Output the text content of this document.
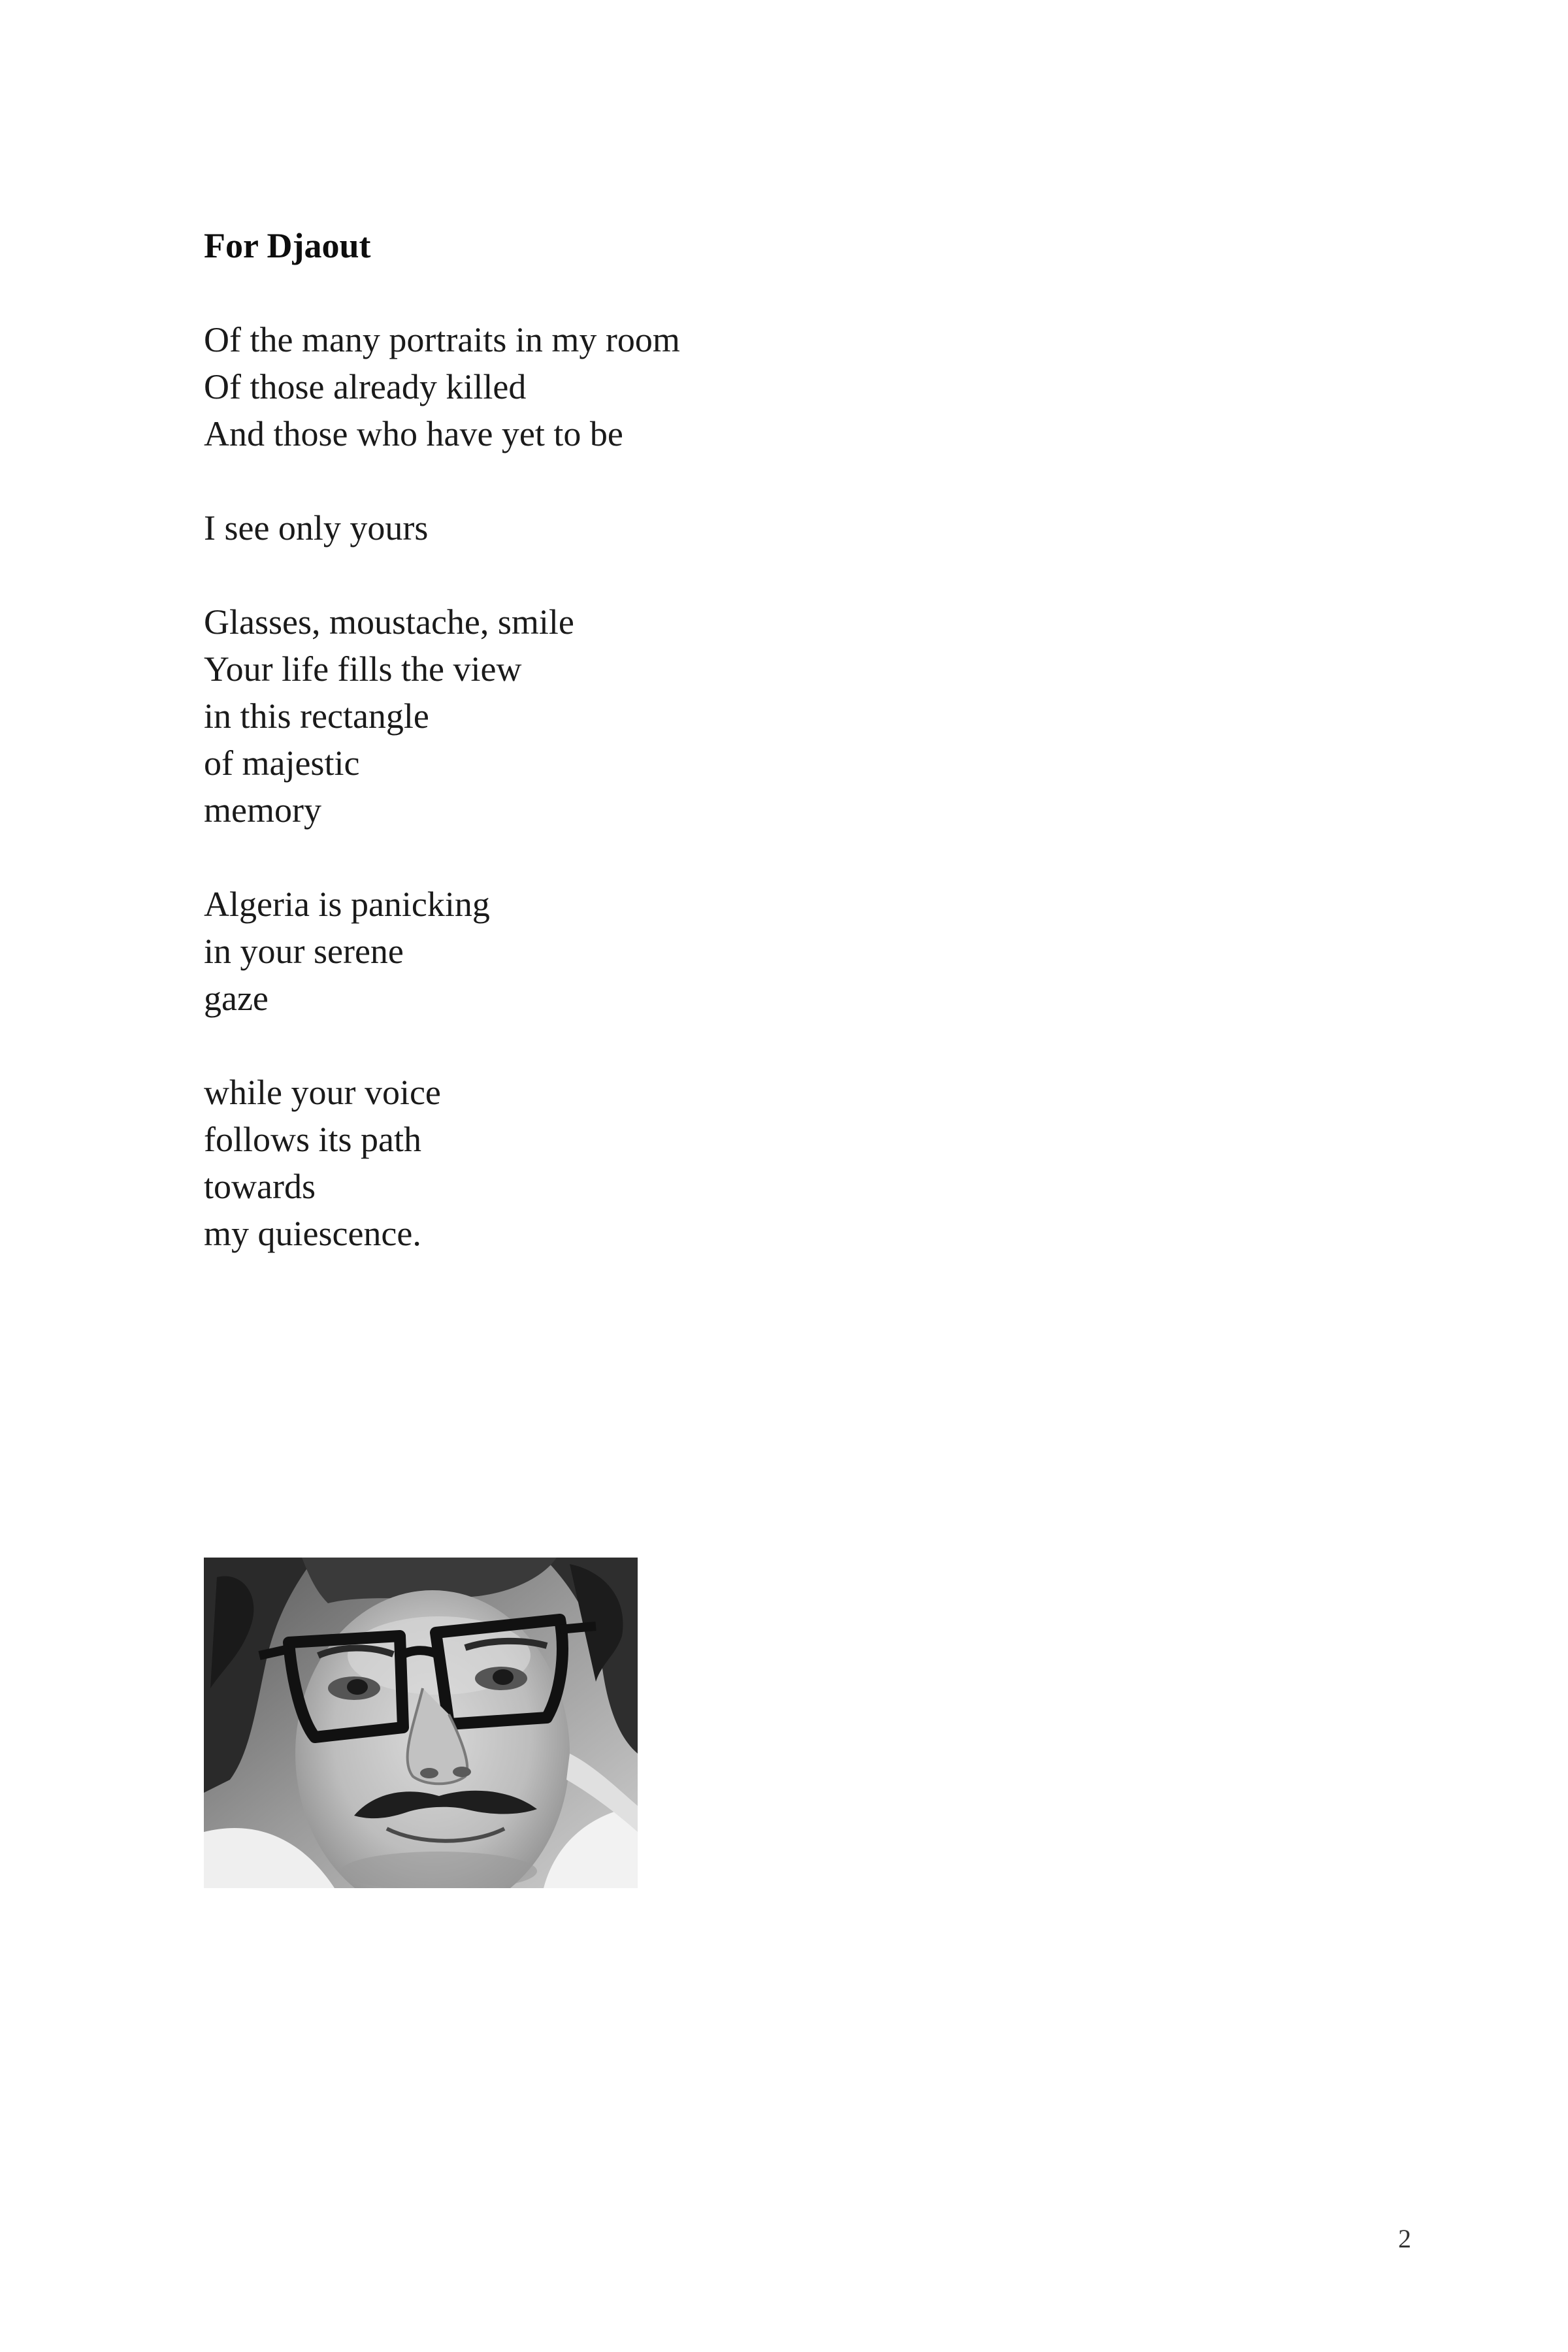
For Djaout
Of the many portraits in my room
Of those already killed
And those who have yet to be
I see only yours
Glasses, moustache, smile
Your life fills the view
in this rectangle
of majestic
memory
Algeria is panicking
in your serene
gaze
while your voice
follows its path
towards
my quiescence.
2
